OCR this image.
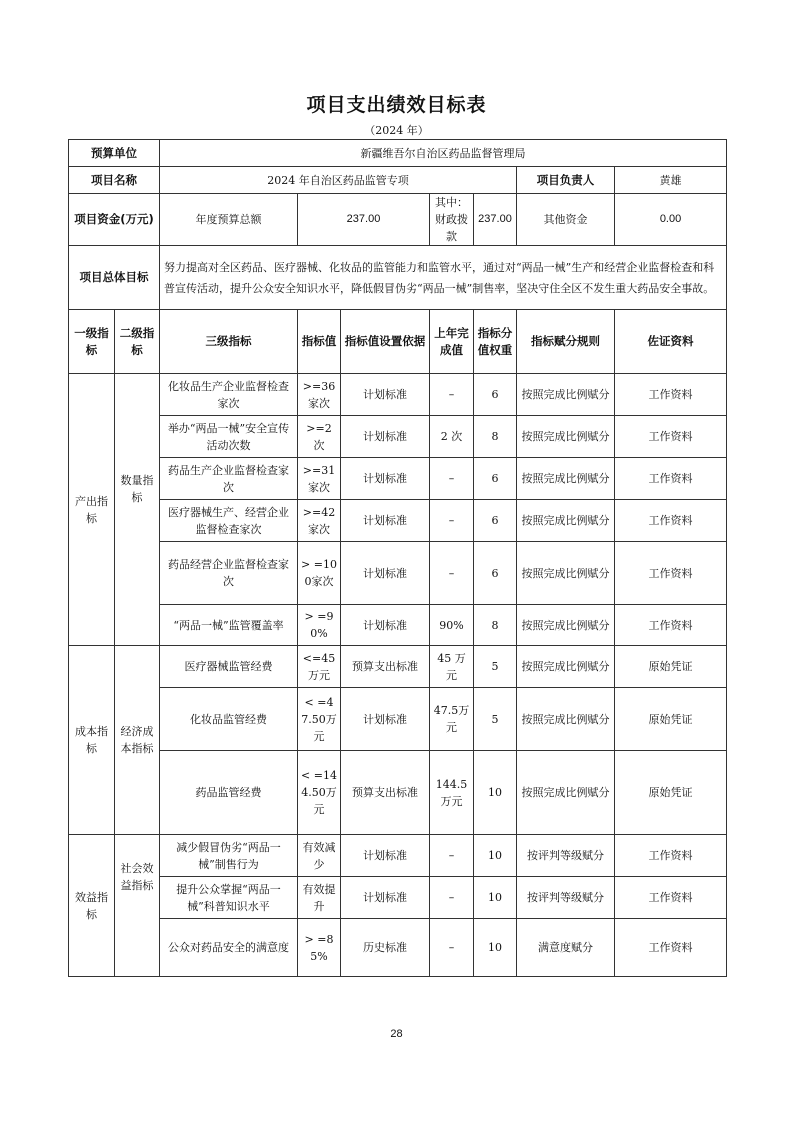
项目支出绩效目标表
（2024 年）
预算单位		新疆维吾尔自治区药品监督管理局						
项目名称		2024 年自治区药品监管专项					项目负责人	黄雄
项目资金(万元)		年度预算总额	237.00		其中：财政拨款	237.00	其他资金	0.00
项目总体目标		努力提高对全区药品、医疗器械、化妆品的监管能力和监管水平，通过对“两品一械”生产和经营企业监督检查和科普宣传活动，提升公众安全知识水平，降低假冒伪劣“两品一械”制售率，坚决守住全区不发生重大药品安全事故。						
一级指标	二级指标	三级指标	指标值	指标值设置依据	上年完成值	指标分值权重	指标赋分规则	佐证资料
产出指标	数量指标	化妆品生产企业监督检查家次	>=36家次	计划标准	–	6	按照完成比例赋分	工作资料
		举办“两品一械”安全宣传活动次数	>=2次	计划标准	2 次	8	按照完成比例赋分	工作资料
		药品生产企业监督检查家次	>=31家次	计划标准	–	6	按照完成比例赋分	工作资料
		医疗器械生产、经营企业监督检查家次	>=42家次	计划标准	–	6	按照完成比例赋分	工作资料
		药品经营企业监督检查家次	> =100家次	计划标准	–	6	按照完成比例赋分	工作资料
		“两品一械”监管覆盖率	> =90%	计划标准	90%	8	按照完成比例赋分	工作资料
成本指标	经济成本指标	医疗器械监管经费	<=45万元	预算支出标准	45 万元	5	按照完成比例赋分	原始凭证
		化妆品监管经费	< =47.50万元	计划标准	47.5万元	5	按照完成比例赋分	原始凭证
		药品监管经费	< =144.50万元	预算支出标准	144.5万元	10	按照完成比例赋分	原始凭证
效益指标	社会效益指标	减少假冒伪劣“两品一械”制售行为	有效减少	计划标准	–	10	按评判等级赋分	工作资料
		提升公众掌握“两品一械”科普知识水平	有效提升	计划标准	–	10	按评判等级赋分	工作资料
		公众对药品安全的满意度	> =85%	历史标准	–	10	满意度赋分	工作资料
28
